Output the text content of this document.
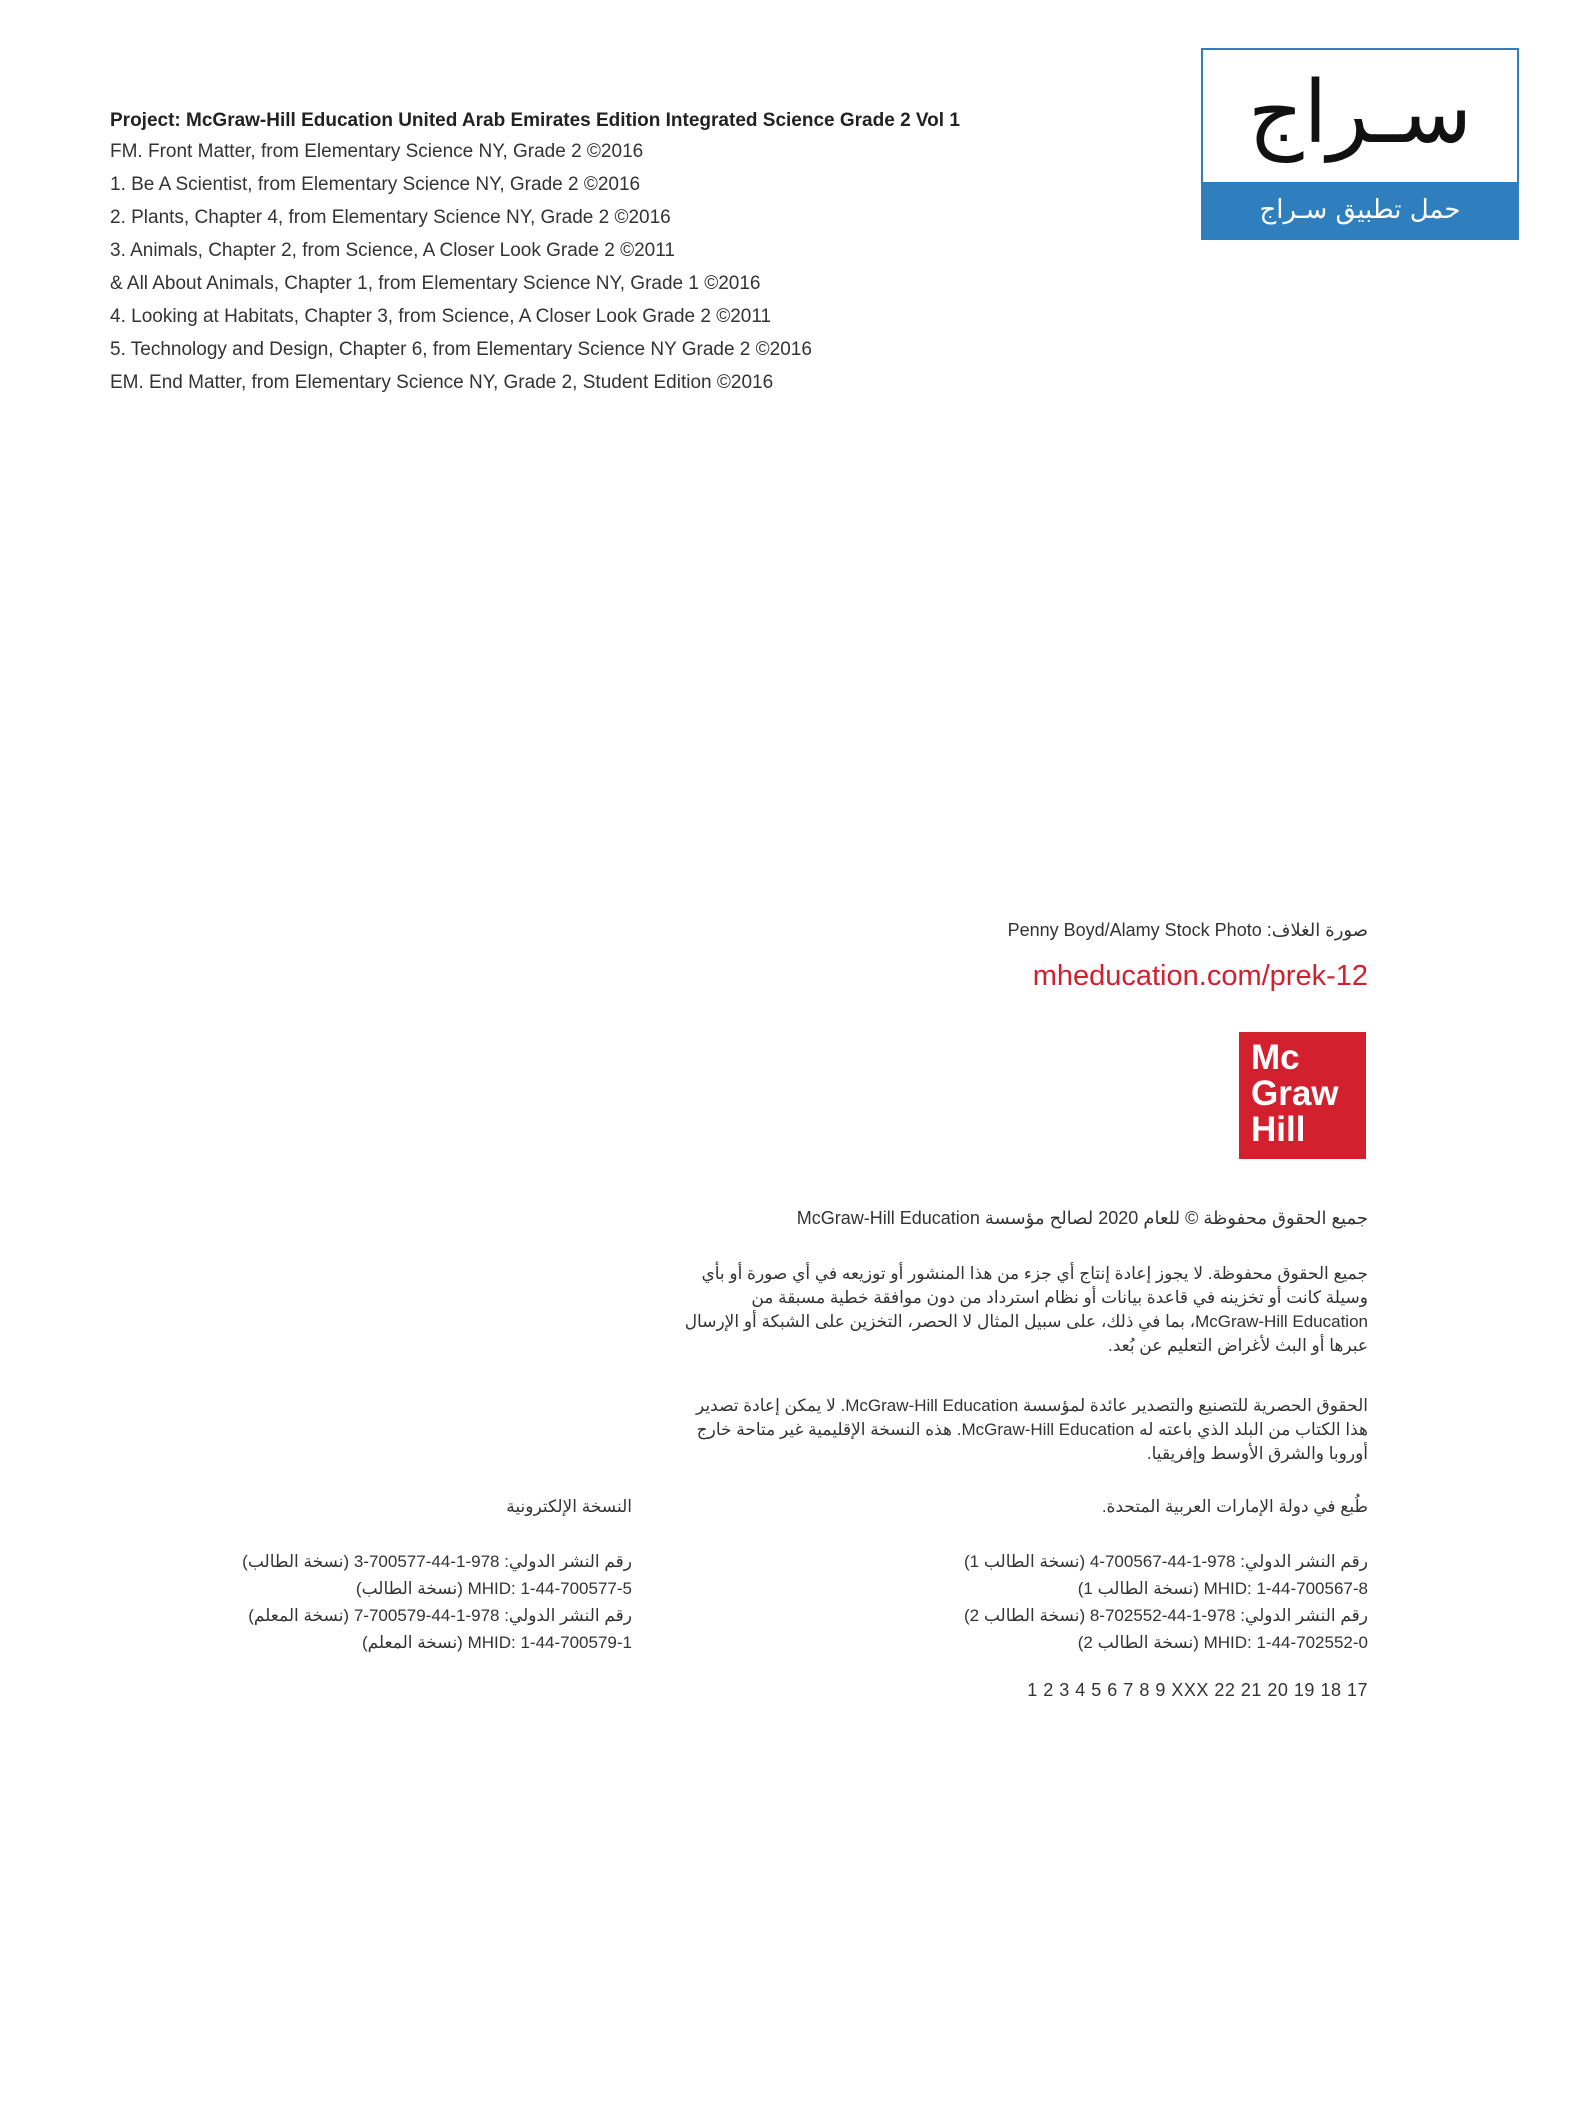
Project: McGraw-Hill Education United Arab Emirates Edition Integrated Science Grade 2 Vol 1
FM. Front Matter, from Elementary Science NY, Grade 2 ©2016
1. Be A Scientist, from Elementary Science NY, Grade 2 ©2016
2. Plants, Chapter 4, from Elementary Science NY, Grade 2 ©2016
3. Animals, Chapter 2, from Science, A Closer Look Grade 2 ©2011
& All About Animals, Chapter 1, from Elementary Science NY, Grade 1 ©2016
4. Looking at Habitats, Chapter 3, from Science, A Closer Look Grade 2 ©2011
5. Technology and Design, Chapter 6, from Elementary Science NY Grade 2 ©2016
EM. End Matter, from Elementary Science NY, Grade 2, Student Edition ©2016
سـراج
حمل تطبيق سـراج
صورة الغلاف: Penny Boyd/Alamy Stock Photo
mheducation.com/prek-12
Mc
Graw
Hill
جميع الحقوق محفوظة © للعام 2020 لصالح مؤسسة McGraw-Hill Education
جميع الحقوق محفوظة. لا يجوز إعادة إنتاج أي جزء من هذا المنشور أو توزيعه في أي صورة أو بأي وسيلة كانت أو تخزينه في قاعدة بيانات أو نظام استرداد من دون موافقة خطية مسبقة من McGraw-Hill Education، بما في ذلك، على سبيل المثال لا الحصر، التخزين على الشبكة أو الإرسال عبرها أو البث لأغراض التعليم عن بُعد.
الحقوق الحصرية للتصنيع والتصدير عائدة لمؤسسة McGraw-Hill Education. لا يمكن إعادة تصدير هذا الكتاب من البلد الذي باعته له McGraw-Hill Education. هذه النسخة الإقليمية غير متاحة خارج أوروبا والشرق الأوسط وإفريقيا.
طُبع في دولة الإمارات العربية المتحدة.
النسخة الإلكترونية
رقم النشر الدولي: 978-1-44-700567-4 (نسخة الطالب 1)
MHID: 1-44-700567-8 (نسخة الطالب 1)
رقم النشر الدولي: 978-1-44-702552-8 (نسخة الطالب 2)
MHID: 1-44-702552-0 (نسخة الطالب 2)
رقم النشر الدولي: 978-1-44-700577-3 (نسخة الطالب)
MHID: 1-44-700577-5 (نسخة الطالب)
رقم النشر الدولي: 978-1-44-700579-7 (نسخة المعلم)
MHID: 1-44-700579-1 (نسخة المعلم)
1 2 3 4 5 6 7 8 9 XXX 22 21 20 19 18 17
